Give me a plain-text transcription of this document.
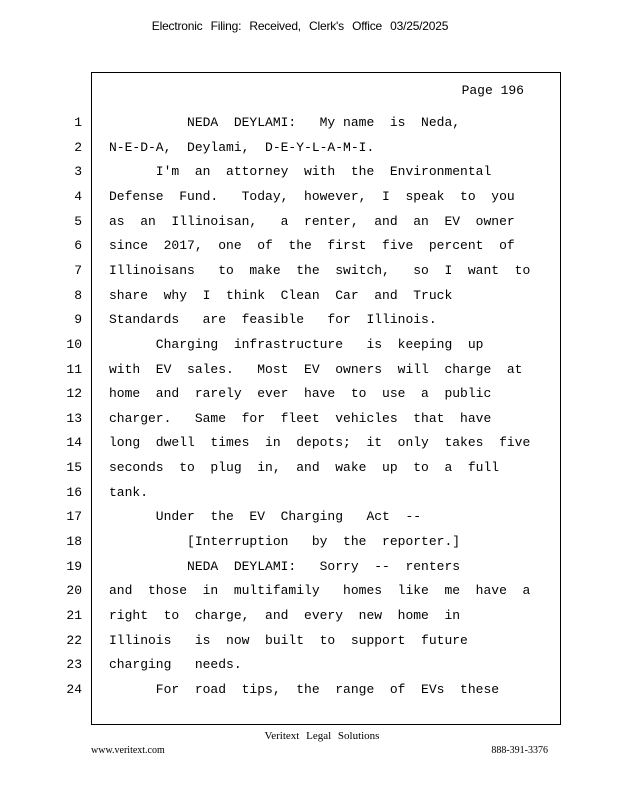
Electronic Filing: Received, Clerk's Office 03/25/2025
Page 196
1 NEDA  DEYLAMI:   My name  is  Neda,
2 N-E-D-A,  Deylami,  D-E-Y-L-A-M-I.
3 I'm  an  attorney  with  the  Environmental
4 Defense  Fund.   Today,  however,  I  speak  to  you
5 as  an  Illinoisan,   a  renter,  and  an  EV  owner
6 since  2017,  one  of  the  first  five  percent  of
7 Illinoisans   to  make  the  switch,   so  I  want  to
8 share  why  I  think  Clean  Car  and  Truck
9 Standards   are  feasible   for  Illinois.
10 Charging  infrastructure   is  keeping  up
11 with  EV  sales.   Most  EV  owners  will  charge  at
12 home  and  rarely  ever  have  to  use  a  public
13 charger.   Same  for  fleet  vehicles  that  have
14 long  dwell  times  in  depots;  it  only  takes  five
15 seconds  to  plug  in,  and  wake  up  to  a  full
16 tank.
17 Under  the  EV  Charging   Act  --
18 [Interruption   by  the  reporter.]
19 NEDA  DEYLAMI:   Sorry  --  renters
20 and  those  in  multifamily   homes  like  me  have  a
21 right  to  charge,  and  every  new  home  in
22 Illinois   is  now  built  to  support  future
23 charging   needs.
24 For  road  tips,  the  range  of  EVs  these
Veritext Legal Solutions
www.veritext.com	888-391-3376
